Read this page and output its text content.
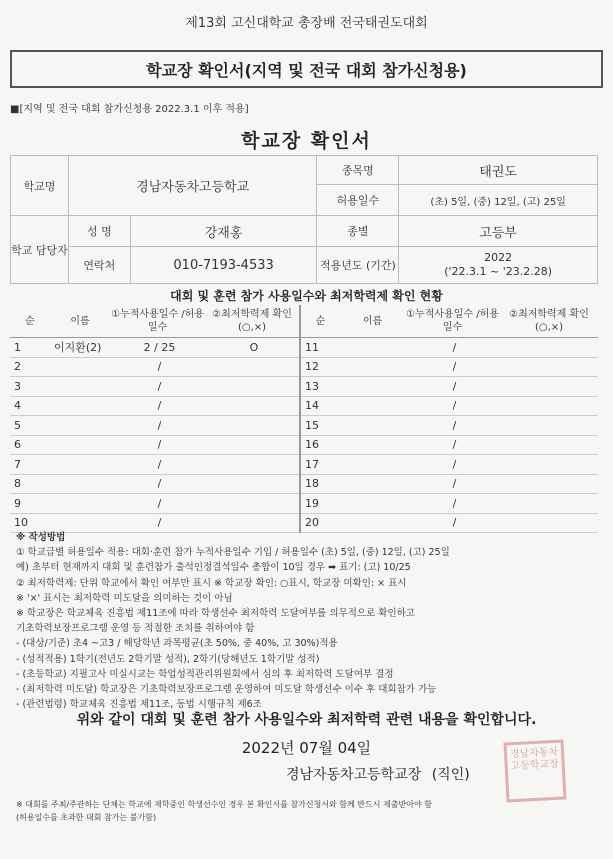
제13회 고신대학교 총장배 전국태권도대회
학교장 확인서(지역 및 전국 대회 참가신청용)
■[지역 및 전국 대회 참가신청용 2022.3.1 이후 적용]
학교장 확인서
학교명	경남자동차고등학교		종목명	태권도
			허용일수	(초) 5일, (중) 12일, (고) 25일
학교 담당자	성 명	강재홍	종별	고등부
	연락처	010-7193-4533	적용년도 (기간)	2022
('22.3.1 ~ '23.2.28)
대회 및 훈련 참가 사용일수와 최저학력제 확인 현황
순	이름	①누적사용일수 /허용일수	②최저학력제 확인(○,×)	순	이름	①누적사용일수 /허용일수	②최저학력제 확인(○,×)
1	이지환(2)	2 / 25	O	11		/	
2		/		12		/	
3		/		13		/	
4		/		14		/	
5		/		15		/	
6		/		16		/	
7		/		17		/	
8		/		18		/	
9		/		19		/	
10		/		20		/	
※ 작성방법
① 학교급별 허용일수 적용: 대회·훈련 참가 누적사용일수 기입 / 허용일수 (초) 5일, (중) 12일, (고) 25일
예) 초부터 현재까지 대회 및 훈련참가 출석인정결석일수 총합이 10일 경우 ➡ 표기: (고) 10/25
② 최저학력제: 단위 학교에서 확인 여부만 표시 ※ 학교장 확인: ○표시, 학교장 미확인: × 표시
※ '×' 표시는 최저학력 미도달을 의미하는 것이 아님
※ 학교장은 학교체육 진흥법 제11조에 따라 학생선수 최저학력 도달여부를 의무적으로 확인하고
기초학력보장프로그램 운영 등 적절한 조치를 취하여야 함
- (대상/기준) 초4 ~고3 / 해당학년 과목평균(초 50%, 중 40%, 고 30%)적용
- (성적적용) 1학기(전년도 2학기말 성적), 2학기(당해년도 1학기말 성적)
- (초등학교) 지필고사 미실시교는 학업성적관리위원회에서 심의 후 최저학력 도달여부 결정
- (최저학력 미도달) 학교장은 기초학력보장프로그램 운영하여 미도달 학생선수 이수 후 대회참가 가능
- (관련법령) 학교체육 진흥법 제11조, 동법 시행규칙 제6조
위와 같이 대회 및 훈련 참가 사용일수와 최저학력 관련 내용을 확인합니다.
2022년 07월 04일
경남자동차고등학교장 (직인)
경남자동차 고등학교장
※ 대회를 주최/주관하는 단체는 학교에 재학중인 학생선수인 경우 본 확인서를 참가신청서와 함께 반드시 제출받아야 함
(허용일수를 초과한 대회 참가는 불가함)
